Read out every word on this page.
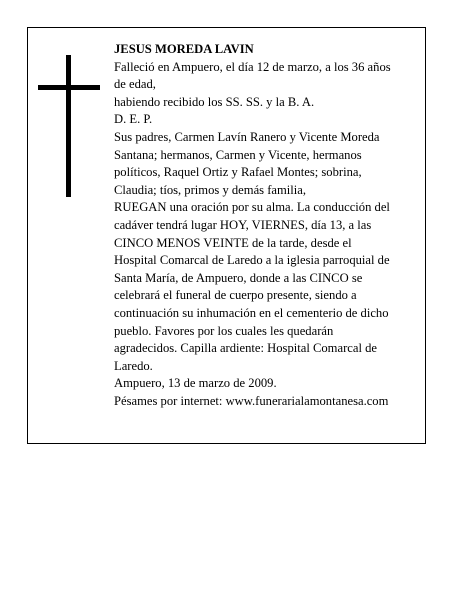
JESUS MOREDA LAVIN
Falleció en Ampuero, el día 12 de marzo, a los 36 años
de edad,
habiendo recibido los SS. SS. y la B. A.
D. E. P.
Sus padres, Carmen Lavín Ranero y Vicente Moreda
Santana; hermanos, Carmen y Vicente, hermanos
políticos, Raquel Ortiz y Rafael Montes; sobrina,
Claudia; tíos, primos y demás familia,
RUEGAN una oración por su alma. La conducción del
cadáver tendrá lugar HOY, VIERNES, día 13, a las
CINCO MENOS VEINTE de la tarde, desde el
Hospital Comarcal de Laredo a la iglesia parroquial de
Santa María, de Ampuero, donde a las CINCO se
celebrará el funeral de cuerpo presente, siendo a
continuación su inhumación en el cementerio de dicho
pueblo. Favores por los cuales les quedarán
agradecidos. Capilla ardiente: Hospital Comarcal de
Laredo.
Ampuero, 13 de marzo de 2009.
Pésames por internet: www.funerarialamontanesa.com
